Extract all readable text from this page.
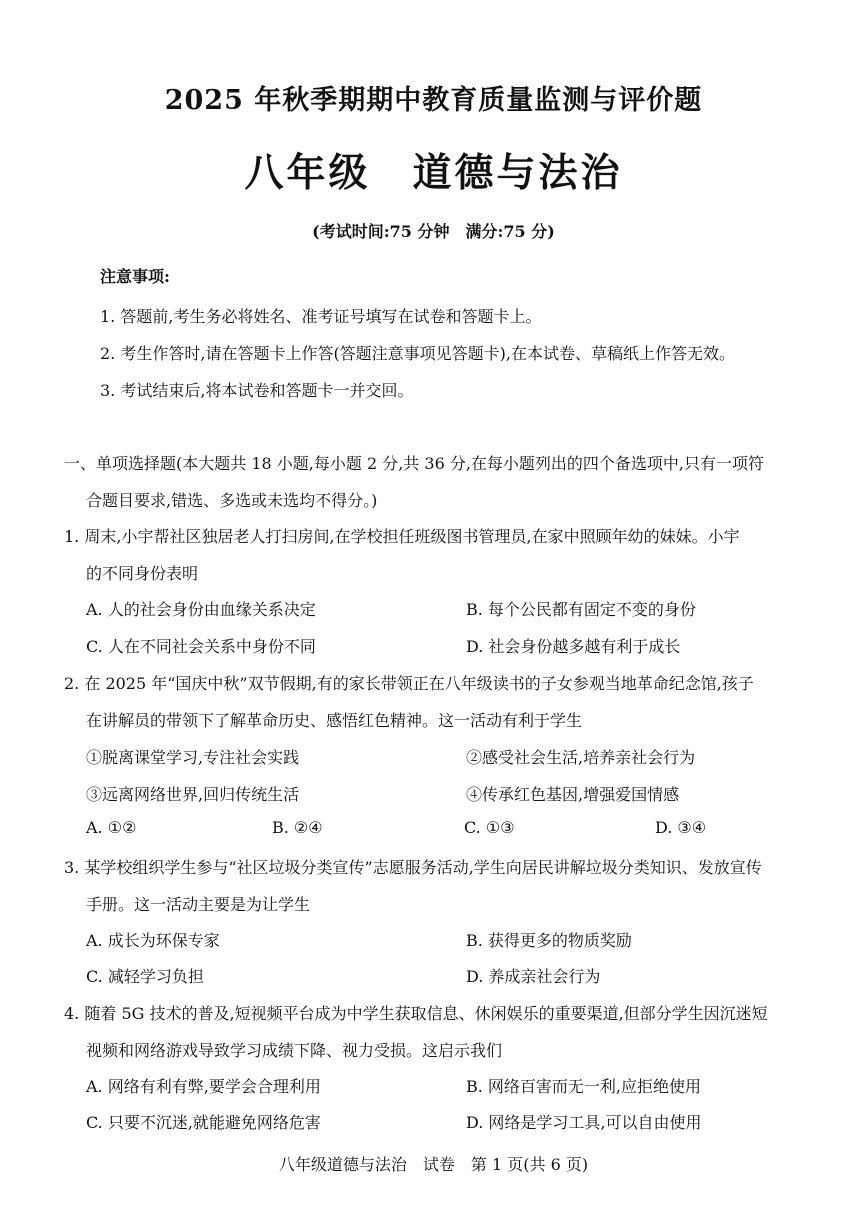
2025 年秋季期期中教育质量监测与评价题
八年级　道德与法治
(考试时间:75 分钟　满分:75 分)
注意事项:
1. 答题前,考生务必将姓名、准考证号填写在试卷和答题卡上。
2. 考生作答时,请在答题卡上作答(答题注意事项见答题卡),在本试卷、草稿纸上作答无效。
3. 考试结束后,将本试卷和答题卡一并交回。
一、单项选择题(本大题共 18 小题,每小题 2 分,共 36 分,在每小题列出的四个备选项中,只有一项符
合题目要求,错选、多选或未选均不得分。)
1. 周末,小宇帮社区独居老人打扫房间,在学校担任班级图书管理员,在家中照顾年幼的妹妹。小宇
的不同身份表明
A. 人的社会身份由血缘关系决定	B. 每个公民都有固定不变的身份
C. 人在不同社会关系中身份不同	D. 社会身份越多越有利于成长
2. 在 2025 年“国庆中秋”双节假期,有的家长带领正在八年级读书的子女参观当地革命纪念馆,孩子
在讲解员的带领下了解革命历史、感悟红色精神。这一活动有利于学生
①脱离课堂学习,专注社会实践	②感受社会生活,培养亲社会行为
③远离网络世界,回归传统生活	④传承红色基因,增强爱国情感
A. ①②	B. ②④	C. ①③	D. ③④
3. 某学校组织学生参与“社区垃圾分类宣传”志愿服务活动,学生向居民讲解垃圾分类知识、发放宣传
手册。这一活动主要是为让学生
A. 成长为环保专家	B. 获得更多的物质奖励
C. 减轻学习负担	D. 养成亲社会行为
4. 随着 5G 技术的普及,短视频平台成为中学生获取信息、休闲娱乐的重要渠道,但部分学生因沉迷短
视频和网络游戏导致学习成绩下降、视力受损。这启示我们
A. 网络有利有弊,要学会合理利用	B. 网络百害而无一利,应拒绝使用
C. 只要不沉迷,就能避免网络危害	D. 网络是学习工具,可以自由使用
八年级道德与法治　试卷　第 1 页(共 6 页)
